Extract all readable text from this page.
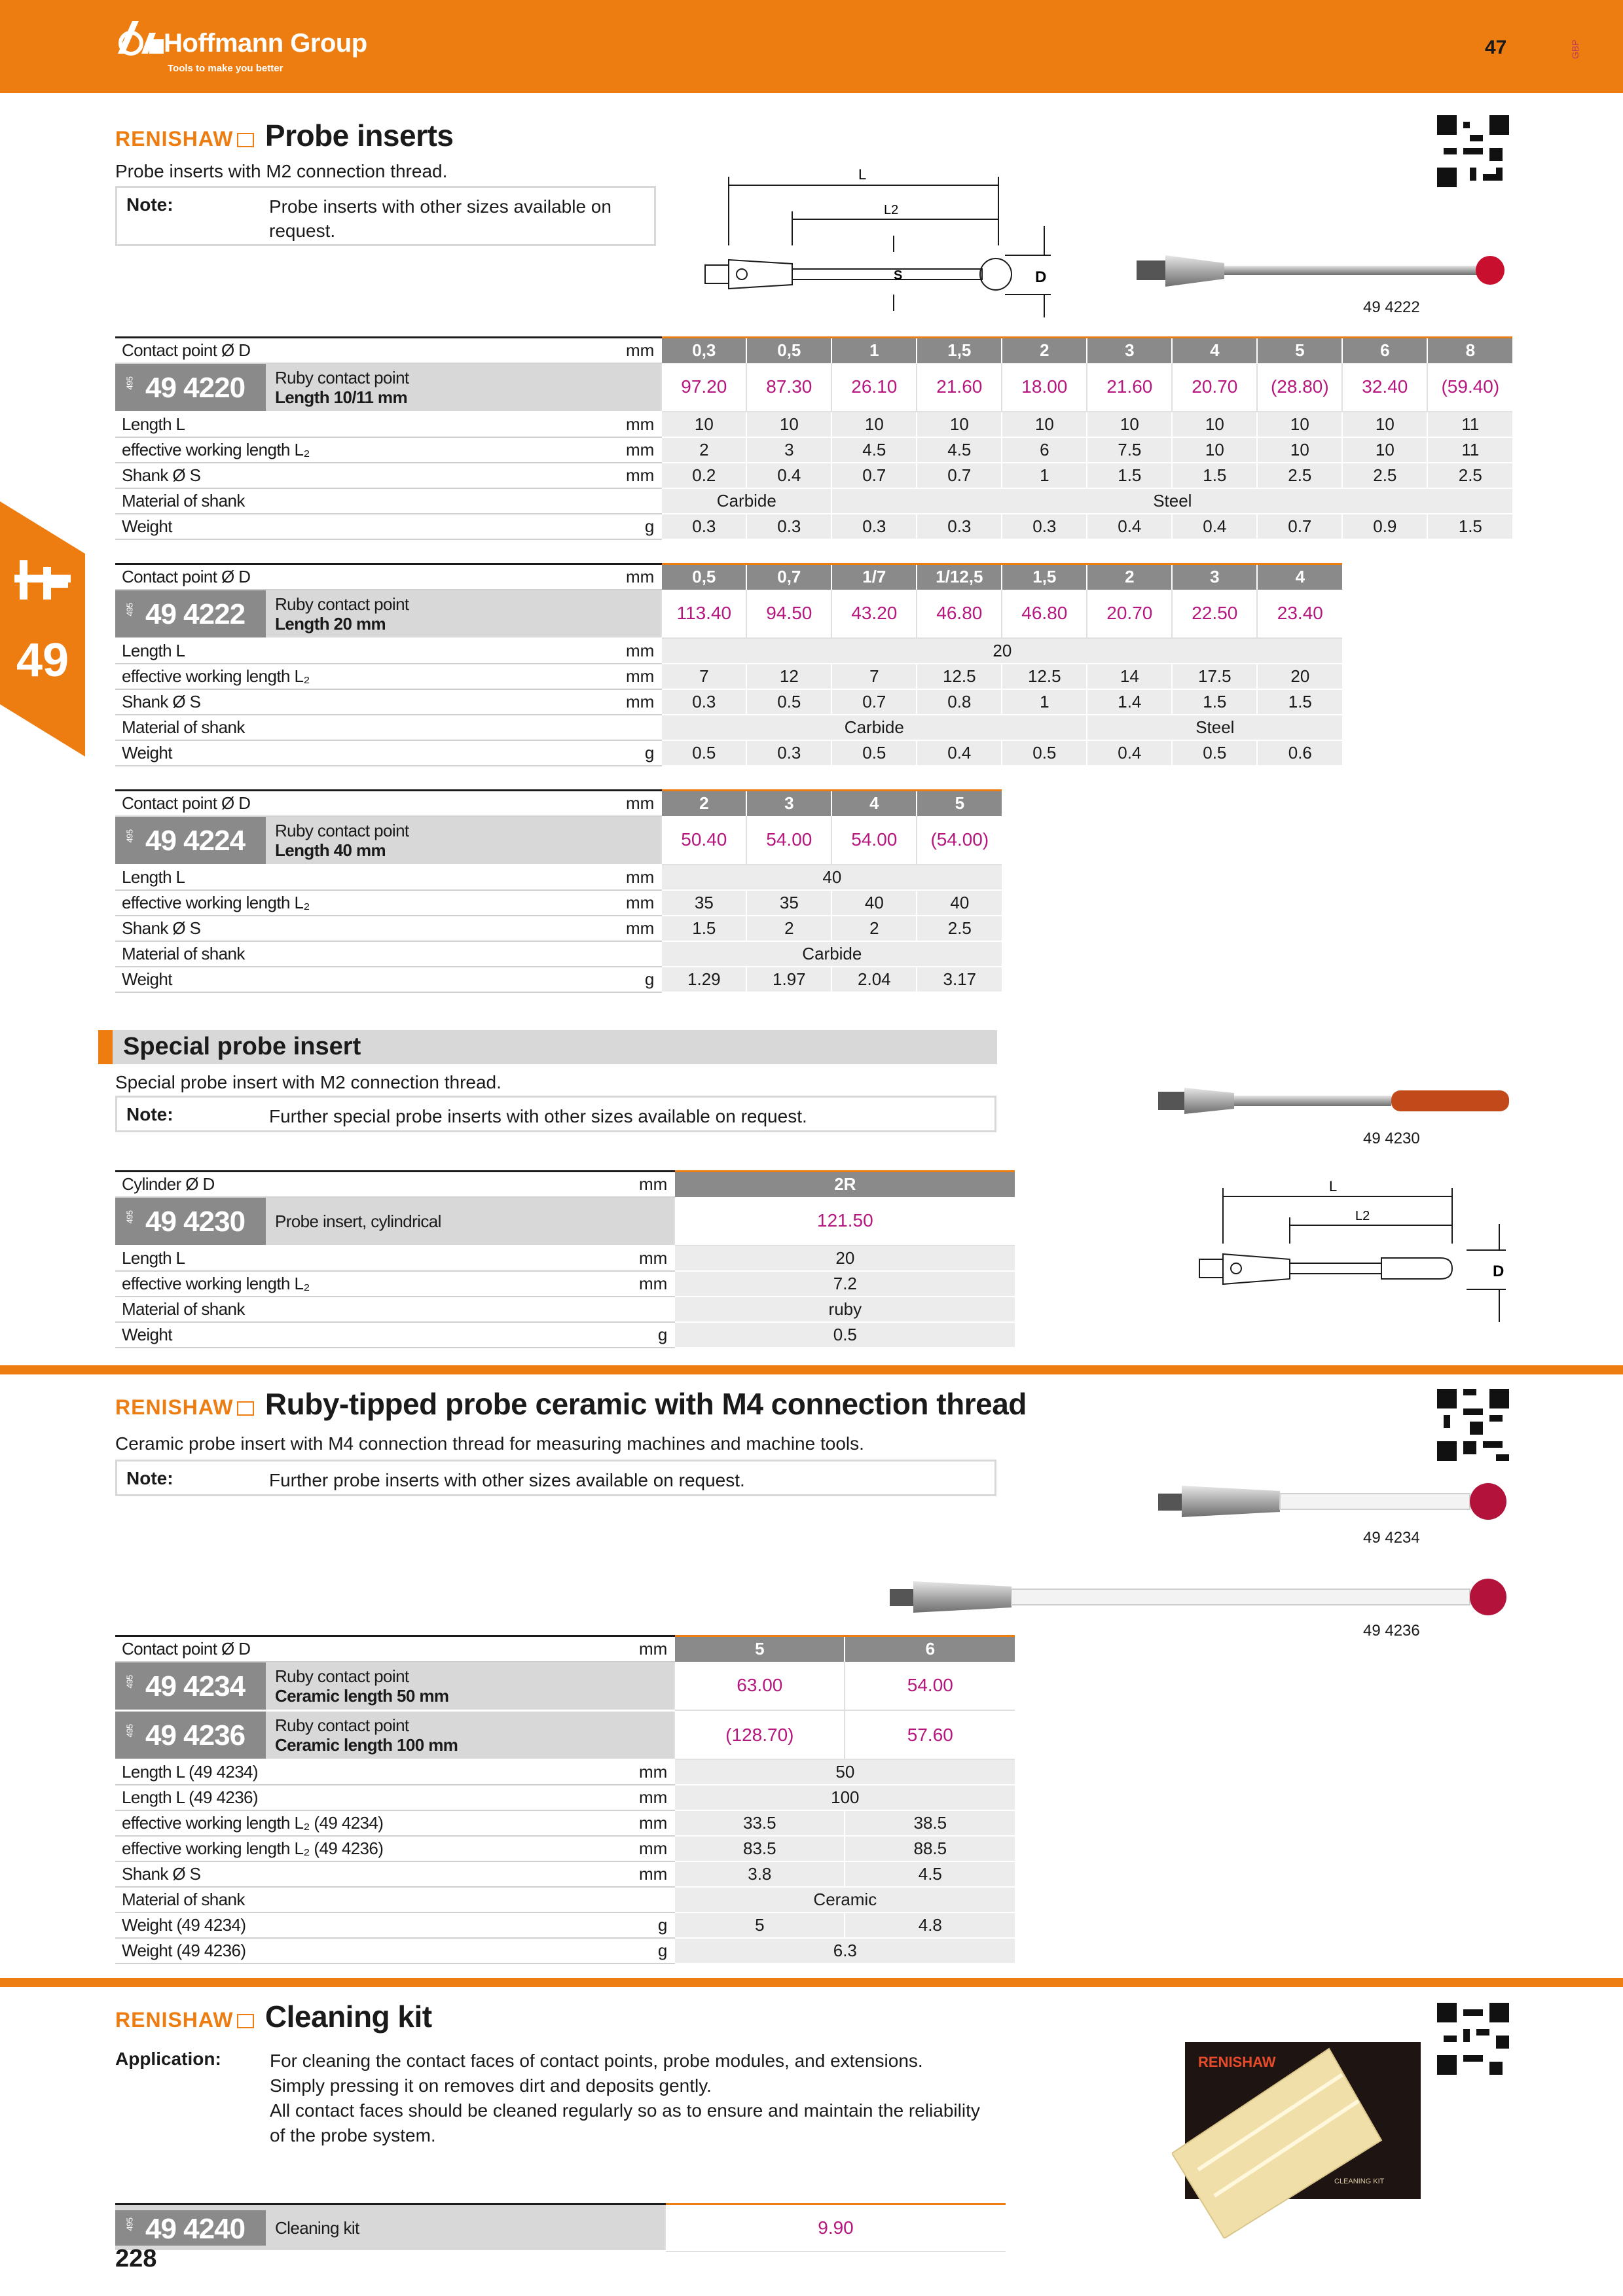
Hoffmann Group
Tools to make you better
47	GBP
49
RENISHAW Probe inserts
Probe inserts with M2 connection thread.
Note:	Probe inserts with other sizes available on request.
L
L2
S	D
49 4222
Contact point Ø D	mm	0,3	0,5	1	1,5	2	3	4	5	6	8

495 49 4220 Ruby contact point
Length 10/11 mm		97.20	87.30	26.10	21.60	18.00	21.60	20.70	(28.80)	32.40	(59.40)
Length L	mm	10	10	10	10	10	10	10	10	10	11
effective working length L₂	mm	2	3	4.5	4.5	6	7.5	10	10	10	11
Shank Ø S	mm	0.2	0.4	0.7	0.7	1	1.5	1.5	2.5	2.5	2.5
Material of shank		Carbide		Steel							
Weight	g	0.3	0.3	0.3	0.3	0.3	0.4	0.4	0.7	0.9	1.5
Contact point Ø D	mm	0,5	0,7	1/7	1/12,5	1,5	2	3	4

495 49 4222 Ruby contact point
Length 20 mm		113.40	94.50	43.20	46.80	46.80	20.70	22.50	23.40
Length L	mm	20							
effective working length L₂	mm	7	12	7	12.5	12.5	14	17.5	20
Shank Ø S	mm	0.3	0.5	0.7	0.8	1	1.4	1.5	1.5
Material of shank		Carbide					Steel		
Weight	g	0.5	0.3	0.5	0.4	0.5	0.4	0.5	0.6
Contact point Ø D	mm	2	3	4	5

495 49 4224 Ruby contact point
Length 40 mm		50.40	54.00	54.00	(54.00)
Length L	mm	40			
effective working length L₂	mm	35	35	40	40
Shank Ø S	mm	1.5	2	2	2.5
Material of shank		Carbide			
Weight	g	1.29	1.97	2.04	3.17
Special probe insert
Special probe insert with M2 connection thread.
Note:	Further special probe inserts with other sizes available on request.
49 4230
L
L2
D
Cylinder Ø D	mm	2R

495 49 4230 Probe insert, cylindrical		121.50
Length L	mm	20
effective working length L₂	mm	7.2
Material of shank		ruby
Weight	g	0.5
RENISHAW Ruby-tipped probe ceramic with M4 connection thread
Ceramic probe insert with M4 connection thread for measuring machines and machine tools.
Note:	Further probe inserts with other sizes available on request.
49 4234
49 4236
Contact point Ø D	mm	5	6

495 49 4234 Ruby contact point
Ceramic length 50 mm		63.00	54.00

495 49 4236 Ruby contact point
Ceramic length 100 mm		(128.70)	57.60
Length L (49 4234)	mm	50	
Length L (49 4236)	mm	100	
effective working length L₂ (49 4234)	mm	33.5	38.5
effective working length L₂ (49 4236)	mm	83.5	88.5
Shank Ø S	mm	3.8	4.5
Material of shank		Ceramic	
Weight (49 4234)	g	5	4.8
Weight (49 4236)	g	6.3	
RENISHAW Cleaning kit
Application:	For cleaning the contact faces of contact points, probe modules, and extensions.
Simply pressing it on removes dirt and deposits gently.
All contact faces should be cleaned regularly so as to ensure and maintain the reliability
of the probe system.
RENISHAW
CLEANING KIT
495 49 4240 Cleaning kit		9.90
228
